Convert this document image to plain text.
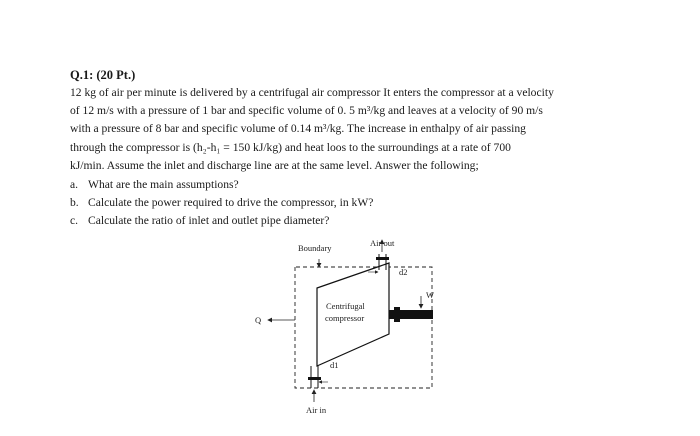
Q.1: (20 Pt.)
12 kg of air per minute is delivered by a centrifugal air compressor It enters the compressor at a velocity
of 12 m/s with a pressure of 1 bar and specific volume of 0. 5 m³/kg and leaves at a velocity of 90 m/s
with a pressure of 8 bar and specific volume of 0.14 m³/kg. The increase in enthalpy of air passing
through the compressor is (h₂-h₁ = 150 kJ/kg) and heat loos to the surroundings at a rate of 700
kJ/min. Assume the inlet and discharge line are at the same level. Answer the following;
a. What are the main assumptions?
b. Calculate the power required to drive the compressor, in kW?
c. Calculate the ratio of inlet and outlet pipe diameter?
Boundary	Air out
d2
W
Q
Centrifugal
compressor
d1
Air in
